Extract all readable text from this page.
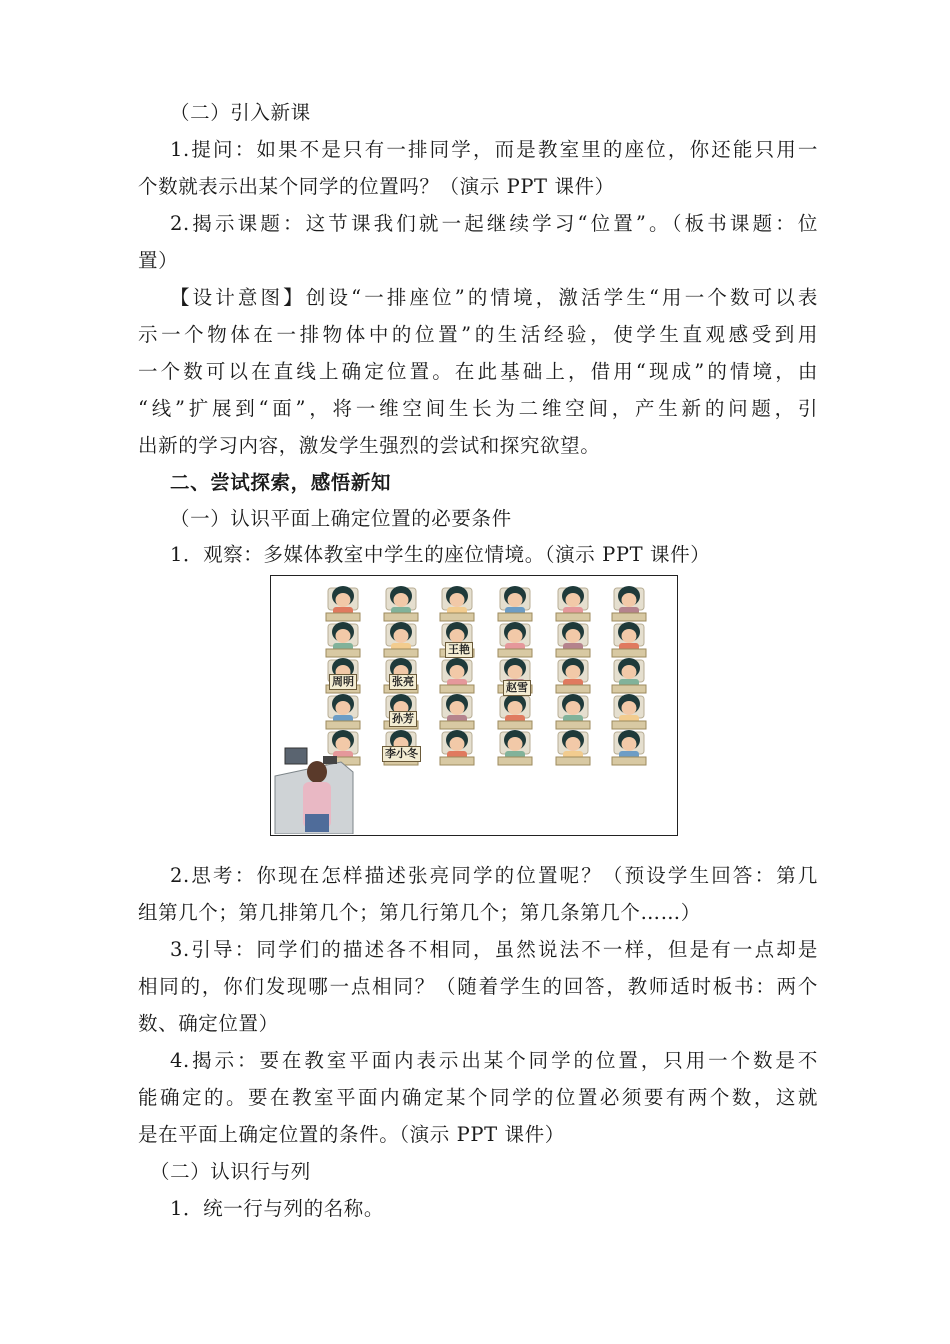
（二）引入新课
1.提问：如果不是只有一排同学，而是教室里的座位，你还能只用一
个数就表示出某个同学的位置吗？（演示 PPT 课件）
2.揭示课题：这节课我们就一起继续学习“位置”。（板书课题：位
置）
【设计意图】创设“一排座位”的情境，激活学生“用一个数可以表
示一个物体在一排物体中的位置”的生活经验，使学生直观感受到用
一个数可以在直线上确定位置。在此基础上，借用“现成”的情境，由
“线”扩展到“面”，将一维空间生长为二维空间，产生新的问题，引
出新的学习内容，激发学生强烈的尝试和探究欲望。
二、尝试探索，感悟新知
（一）认识平面上确定位置的必要条件
1．观察：多媒体教室中学生的座位情境。（演示 PPT 课件）
周明	张亮
孙芳
李小冬
王艳
赵雪
2.思考：你现在怎样描述张亮同学的位置呢？（预设学生回答：第几
组第几个；第几排第几个；第几行第几个；第几条第几个……）
3.引导：同学们的描述各不相同，虽然说法不一样，但是有一点却是
相同的，你们发现哪一点相同？（随着学生的回答，教师适时板书：两个
数、确定位置）
4.揭示：要在教室平面内表示出某个同学的位置，只用一个数是不
能确定的。要在教室平面内确定某个同学的位置必须要有两个数，这就
是在平面上确定位置的条件。（演示 PPT 课件）
（二）认识行与列
1．统一行与列的名称。
